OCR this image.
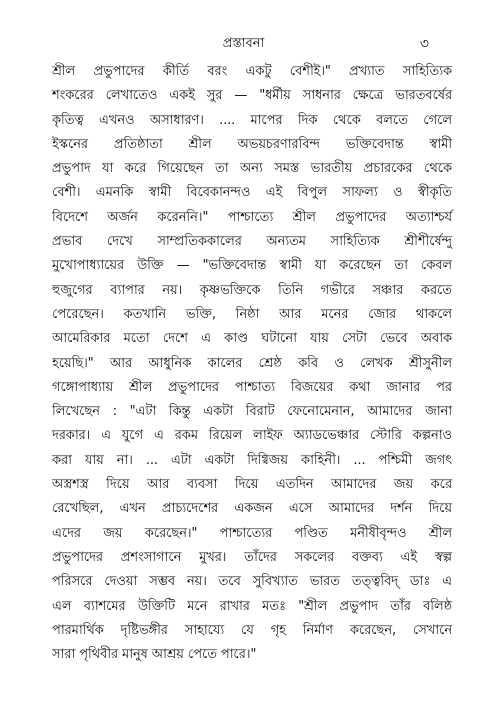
প্রস্তাবনা	৩
শ্রীল প্রভুপাদের কীর্তি বরং একটু বেশীই।" প্রখ্যাত সাহিত্যিক
শংকরের লেখাতেও একই সুর — "ধর্মীয় সাধনার ক্ষেত্রে ভারতবর্ষের
কৃতিত্ব এখনও অসাধারণ। .... মাপের দিক থেকে বলতে গেলে
ইস্কনের প্রতিষ্ঠাতা শ্রীল অভয়চরণারবিন্দ ভক্তিবেদান্ত স্বামী
প্রভুপাদ যা করে গিয়েছেন তা অন্য সমস্ত ভারতীয় প্রচারকের থেকে
বেশী। এমনকি স্বামী বিবেকানন্দও এই বিপুল সাফল্য ও স্বীকৃতি
বিদেশে অর্জন করেননি।" পাশ্চাত্যে শ্রীল প্রভুপাদের অত্যাশ্চর্য
প্রভাব দেখে সাম্প্রতিককালের অন্যতম সাহিত্যিক শ্রীশীর্ষেন্দু
মুখোপাধ্যায়ের উক্তি — "ভক্তিবেদান্ত স্বামী যা করেছেন তা কেবল
হুজুগের ব্যাপার নয়। কৃষ্ণভক্তিকে তিনি গভীরে সঞ্চার করতে
পেরেছেন। কতখানি ভক্তি, নিষ্ঠা আর মনের জোর থাকলে
আমেরিকার মতো দেশে এ কাণ্ড ঘটানো যায় সেটা ভেবে অবাক
হয়েছি।" আর আধুনিক কালের শ্রেষ্ঠ কবি ও লেখক শ্রীসুনীল
গঙ্গোপাধ্যায় শ্রীল প্রভুপাদের পাশ্চাত্য বিজয়ের কথা জানার পর
লিখেছেন : "এটা কিন্তু একটা বিরাট ফেনোমেনান, আমাদের জানা
দরকার। এ যুগে এ রকম রিয়েল লাইফ অ্যাডভেঞ্চার স্টোরি কল্পনাও
করা যায় না। ... এটা একটা দিগ্বিজয় কাহিনী। ... পশ্চিমী জগৎ
অস্ত্রশস্ত্র দিয়ে আর ব্যবসা দিয়ে এতদিন আমাদের জয় করে
রেখেছিল, এখন প্রাচ্যদেশের একজন এসে আমাদের দর্শন দিয়ে
এদের জয় করেছেন।" পাশ্চাত্যের পণ্ডিত মনীষীবৃন্দও শ্রীল
প্রভুপাদের প্রশংসাগানে মুখর। তাঁদের সকলের বক্তব্য এই স্বল্প
পরিসরে দেওয়া সম্ভব নয়। তবে সুবিখ্যাত ভারত তত্ত্ববিদ্ ডাঃ এ
এল ব্যাশমের উক্তিটি মনে রাখার মতঃ "শ্রীল প্রভুপাদ তাঁর বলিষ্ঠ
পারমার্থিক দৃষ্টিভঙ্গীর সাহায্যে যে গৃহ নির্মাণ করেছেন, সেখানে
সারা পৃথিবীর মানুষ আশ্রয় পেতে পারে।"
